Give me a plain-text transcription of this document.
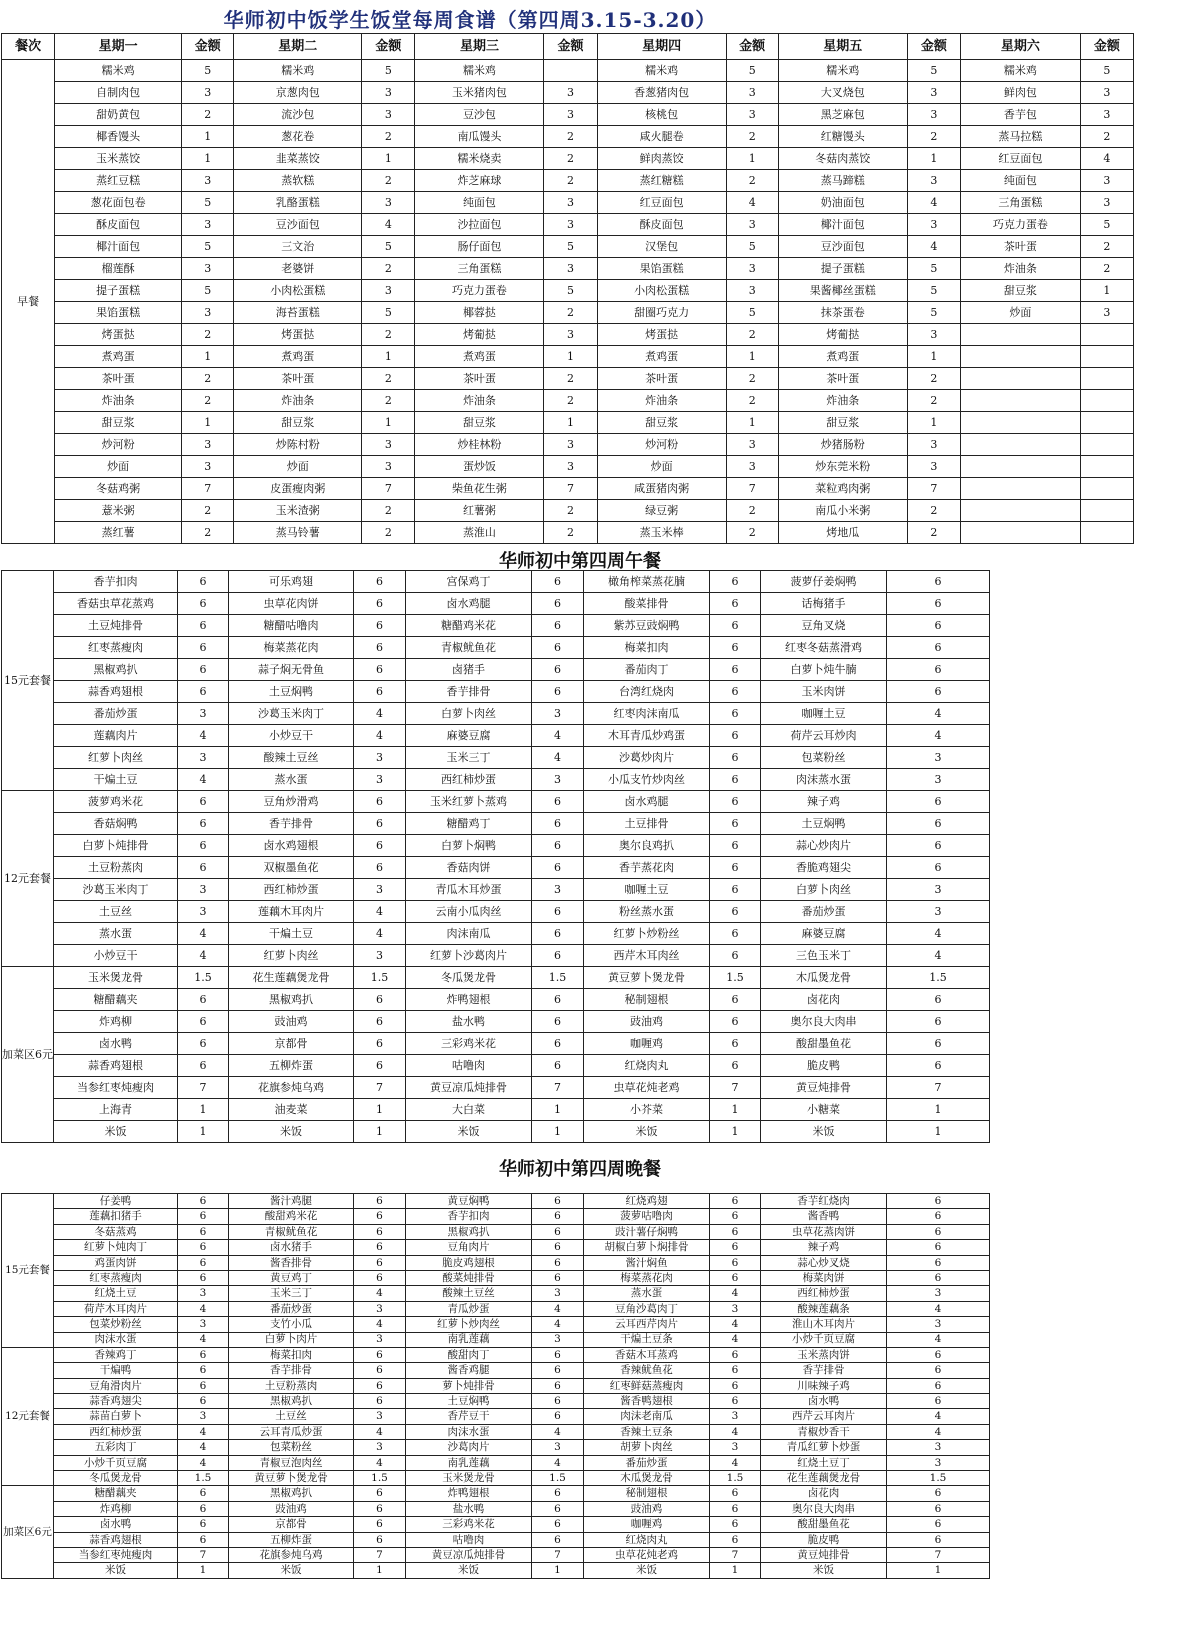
华师初中饭学生饭堂每周食谱（第四周3.15-3.20）
餐次	星期一	金额	星期二	金额	星期三	金额	星期四	金额	星期五	金额	星期六	金额
早餐	糯米鸡	5	糯米鸡	5	糯米鸡		糯米鸡	5	糯米鸡	5	糯米鸡	5
	自制肉包	3	京葱肉包	3	玉米猪肉包	3	香葱猪肉包	3	大叉烧包	3	鲜肉包	3
	甜奶黄包	2	流沙包	3	豆沙包	3	核桃包	3	黑芝麻包	3	香芋包	3
	椰香馒头	1	葱花卷	2	南瓜馒头	2	咸火腿卷	2	红糖馒头	2	蒸马拉糕	2
	玉米蒸饺	1	韭菜蒸饺	1	糯米烧卖	2	鲜肉蒸饺	1	冬菇肉蒸饺	1	红豆面包	4
	蒸红豆糕	3	蒸软糕	2	炸芝麻球	2	蒸红糖糕	2	蒸马蹄糕	3	纯面包	3
	葱花面包卷	5	乳酪蛋糕	3	纯面包	3	红豆面包	4	奶油面包	4	三角蛋糕	3
	酥皮面包	3	豆沙面包	4	沙拉面包	3	酥皮面包	3	椰汁面包	3	巧克力蛋卷	5
	椰汁面包	5	三文治	5	肠仔面包	5	汉堡包	5	豆沙面包	4	茶叶蛋	2
	榴莲酥	3	老婆饼	2	三角蛋糕	3	果馅蛋糕	3	提子蛋糕	5	炸油条	2
	提子蛋糕	5	小肉松蛋糕	3	巧克力蛋卷	5	小肉松蛋糕	3	果酱椰丝蛋糕	5	甜豆浆	1
	果馅蛋糕	3	海苔蛋糕	5	椰蓉挞	2	甜圈巧克力	5	抹茶蛋卷	5	炒面	3
	烤蛋挞	2	烤蛋挞	2	烤葡挞	3	烤蛋挞	2	烤葡挞	3		
	煮鸡蛋	1	煮鸡蛋	1	煮鸡蛋	1	煮鸡蛋	1	煮鸡蛋	1		
	茶叶蛋	2	茶叶蛋	2	茶叶蛋	2	茶叶蛋	2	茶叶蛋	2		
	炸油条	2	炸油条	2	炸油条	2	炸油条	2	炸油条	2		
	甜豆浆	1	甜豆浆	1	甜豆浆	1	甜豆浆	1	甜豆浆	1		
	炒河粉	3	炒陈村粉	3	炒桂林粉	3	炒河粉	3	炒猪肠粉	3		
	炒面	3	炒面	3	蛋炒饭	3	炒面	3	炒东莞米粉	3		
	冬菇鸡粥	7	皮蛋瘦肉粥	7	柴鱼花生粥	7	咸蛋猪肉粥	7	菜粒鸡肉粥	7		
	薏米粥	2	玉米渣粥	2	红薯粥	2	绿豆粥	2	南瓜小米粥	2		
	蒸红薯	2	蒸马铃薯	2	蒸淮山	2	蒸玉米棒	2	烤地瓜	2		
华师初中第四周午餐
15元套餐	香芋扣肉	6	可乐鸡翅	6	宫保鸡丁	6	橄角榨菜蒸花腩	6	菠萝仔姜焖鸭	6
	香菇虫草花蒸鸡	6	虫草花肉饼	6	卤水鸡腿	6	酸菜排骨	6	话梅猪手	6
	土豆炖排骨	6	糖醋咕噜肉	6	糖醋鸡米花	6	紫苏豆豉焖鸭	6	豆角叉烧	6
	红枣蒸瘦肉	6	梅菜蒸花肉	6	青椒鱿鱼花	6	梅菜扣肉	6	红枣冬菇蒸滑鸡	6
	黑椒鸡扒	6	蒜子焖无骨鱼	6	卤猪手	6	番茄肉丁	6	白萝卜炖牛腩	6
	蒜香鸡翅根	6	土豆焖鸭	6	香芋排骨	6	台湾红烧肉	6	玉米肉饼	6
	番茄炒蛋	3	沙葛玉米肉丁	4	白萝卜肉丝	3	红枣肉沫南瓜	6	咖喱土豆	4
	莲藕肉片	4	小炒豆干	4	麻婆豆腐	4	木耳青瓜炒鸡蛋	6	荷芹云耳炒肉	4
	红萝卜肉丝	3	酸辣土豆丝	3	玉米三丁	4	沙葛炒肉片	6	包菜粉丝	3
	干煸土豆	4	蒸水蛋	3	西红柿炒蛋	3	小瓜支竹炒肉丝	6	肉沫蒸水蛋	3
12元套餐	菠萝鸡米花	6	豆角炒滑鸡	6	玉米红萝卜蒸鸡	6	卤水鸡腿	6	辣子鸡	6
	香菇焖鸭	6	香芋排骨	6	糖醋鸡丁	6	土豆排骨	6	土豆焖鸭	6
	白萝卜炖排骨	6	卤水鸡翅根	6	白萝卜焖鸭	6	奥尔良鸡扒	6	蒜心炒肉片	6
	土豆粉蒸肉	6	双椒墨鱼花	6	香菇肉饼	6	香芋蒸花肉	6	香脆鸡翅尖	6
	沙葛玉米肉丁	3	西红柿炒蛋	3	青瓜木耳炒蛋	3	咖喱土豆	6	白萝卜肉丝	3
	土豆丝	3	莲藕木耳肉片	4	云南小瓜肉丝	6	粉丝蒸水蛋	6	番茄炒蛋	3
	蒸水蛋	4	干煸土豆	4	肉沫南瓜	6	红萝卜炒粉丝	6	麻婆豆腐	4
	小炒豆干	4	红萝卜肉丝	3	红萝卜沙葛肉片	6	西芹木耳肉丝	6	三色玉米丁	4
加菜区6元	玉米煲龙骨	1.5	花生莲藕煲龙骨	1.5	冬瓜煲龙骨	1.5	黄豆萝卜煲龙骨	1.5	木瓜煲龙骨	1.5
	糖醋藕夹	6	黑椒鸡扒	6	炸鸭翅根	6	秘制翅根	6	卤花肉	6
	炸鸡柳	6	豉油鸡	6	盐水鸭	6	豉油鸡	6	奥尔良大肉串	6
	卤水鸭	6	京都骨	6	三彩鸡米花	6	咖喱鸡	6	酸甜墨鱼花	6
	蒜香鸡翅根	6	五柳炸蛋	6	咕噜肉	6	红烧肉丸	6	脆皮鸭	6
	当参红枣炖瘦肉	7	花旗参炖乌鸡	7	黄豆凉瓜炖排骨	7	虫草花炖老鸡	7	黄豆炖排骨	7
	上海青	1	油麦菜	1	大白菜	1	小芥菜	1	小糖菜	1
	米饭	1	米饭	1	米饭	1	米饭	1	米饭	1
华师初中第四周晚餐
15元套餐	仔姜鸭	6	酱汁鸡腿	6	黄豆焖鸭	6	红烧鸡翅	6	香芋红烧肉	6
	莲藕扣猪手	6	酸甜鸡米花	6	香芋扣肉	6	菠萝咕噜肉	6	酱香鸭	6
	冬菇蒸鸡	6	青椒鱿鱼花	6	黑椒鸡扒	6	豉汁薯仔焖鸭	6	虫草花蒸肉饼	6
	红萝卜炖肉丁	6	卤水猪手	6	豆角肉片	6	胡椒白萝卜焖排骨	6	辣子鸡	6
	鸡蛋肉饼	6	酱香排骨	6	脆皮鸡翅根	6	酱汁焖鱼	6	蒜心炒叉烧	6
	红枣蒸瘦肉	6	黄豆鸡丁	6	酸菜炖排骨	6	梅菜蒸花肉	6	梅菜肉饼	6
	红烧土豆	3	玉米三丁	4	酸辣土豆丝	3	蒸水蛋	4	西红柿炒蛋	3
	荷芹木耳肉片	4	番茄炒蛋	3	青瓜炒蛋	4	豆角沙葛肉丁	3	酸辣莲藕条	4
	包菜炒粉丝	3	支竹小瓜	4	红萝卜炒肉丝	4	云耳西芹肉片	4	淮山木耳肉片	3
	肉沫水蛋	4	白萝卜肉片	3	南乳莲藕	3	干煸土豆条	4	小炒千页豆腐	4
12元套餐	香辣鸡丁	6	梅菜扣肉	6	酸甜肉丁	6	香菇木耳蒸鸡	6	玉米蒸肉饼	6
	干煸鸭	6	香芋排骨	6	酱香鸡腿	6	香辣鱿鱼花	6	香芋排骨	6
	豆角滑肉片	6	土豆粉蒸肉	6	萝卜炖排骨	6	红枣鲜菇蒸瘦肉	6	川味辣子鸡	6
	蒜香鸡翅尖	6	黑椒鸡扒	6	土豆焖鸭	6	酱香鸭翅根	6	卤水鸭	6
	蒜苗白萝卜	3	土豆丝	3	香芹豆干	6	肉沫老南瓜	3	西芹云耳肉片	4
	西红柿炒蛋	4	云耳青瓜炒蛋	4	肉沫水蛋	4	香辣土豆条	4	青椒炒香干	4
	五彩肉丁	4	包菜粉丝	3	沙葛肉片	3	胡萝卜肉丝	3	青瓜红萝卜炒蛋	3
	小炒千页豆腐	4	青椒豆泡肉丝	4	南乳莲藕	4	番茄炒蛋	4	红烧土豆丁	3
	冬瓜煲龙骨	1.5	黄豆萝卜煲龙骨	1.5	玉米煲龙骨	1.5	木瓜煲龙骨	1.5	花生莲藕煲龙骨	1.5
加菜区6元	糖醋藕夹	6	黑椒鸡扒	6	炸鸭翅根	6	秘制翅根	6	卤花肉	6
	炸鸡柳	6	豉油鸡	6	盐水鸭	6	豉油鸡	6	奥尔良大肉串	6
	卤水鸭	6	京都骨	6	三彩鸡米花	6	咖喱鸡	6	酸甜墨鱼花	6
	蒜香鸡翅根	6	五柳炸蛋	6	咕噜肉	6	红烧肉丸	6	脆皮鸭	6
	当参红枣炖瘦肉	7	花旗参炖乌鸡	7	黄豆凉瓜炖排骨	7	虫草花炖老鸡	7	黄豆炖排骨	7
	米饭	1	米饭	1	米饭	1	米饭	1	米饭	1
